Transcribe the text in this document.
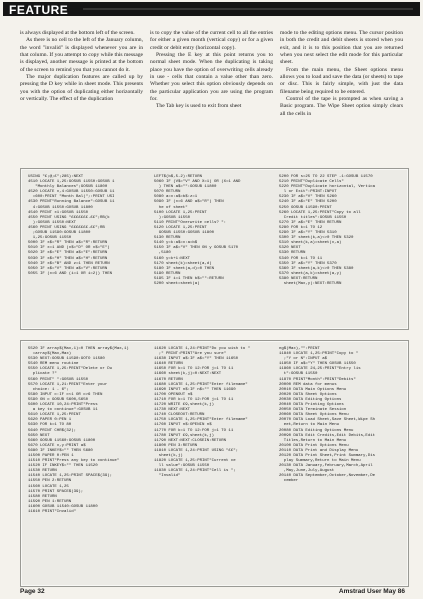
FEATURE

is always displayed at the bottom left of the screen.

As there is no cell to the left of the January column, the word "invalid" is displayed whenever you are in that column. If you attempt to copy while this message is displayed, another message is printed at the bottom of the screen to remind you that you cannot do it.

The major duplication features are called up by pressing the D key while in sheet mode. This presents you with the option of duplicating either horizontally or vertically. The effect of the duplication

is to copy the value of the current cell to all the entries for either a given month (vertical copy) or for a given credit or debit entry (horizontal copy).

Pressing the E key at this point returns you to normal sheet mode. When the duplicating is taking place you have the option of overwriting cells already in use - cells that contain a value other than zero. Whether you select this option obviously depends on the particular application you are using the program for.

The Tab key is used to exit from sheet

mode to the editing options menu. The cursor position in both the credit and debit sheets is stored when you exit, and it is to this position that you are returned when you next select the edit mode for this particular sheet.

From the main menu, the Sheet options menu allows you to load and save the data (or sheets) to tape or disc. This is fairly simple, with just the data filename being required to be entered.

Control of the tape is prompted as when saving a Basic program. The Wipe Sheet option simply clears all the cells in

USING "£;@;£";285):NEXT
4510 LOCATE 1,25:GOSUB 11550:GOSUB 1
"Monthly Balances";GOSUB 11800
4520 LOCATE x,4:GOSUB 11550:GOSUB 11
=600:PRINT "Month Bal(";:PRINT USI
4530 PRINT"Running Balance":GOSUB 11
4:GOSUB 11550:GOSUB 11800
4540 PRINT x1:GOSUB 11550
4550 PRINT USING "£££££££.££";RB(k
):GOSUB 11550:NEXT
4560 PRINT USING "£££££££.££";RB
;GOSUB 11590:GOSUB 11800
1,25:GOSUB 11550
5000 IF x$="R" THEN a$="R":RETURN
5010 IF x=1 AND (x$="D" OR x$="E")
5020 IF x$="E" THEN a$="E":RETURN
5030 IF x$="H" THEN a$="H":RETURN
5040 IF x$="B" AND z=1 THEN RETURN
5050 IF x$="V" THEN a$="V":RETURN
5055 IF (x=6 AND (i=1 OR i=2)) THEN
LEFT$(b$,5-2):RETURN
5060 IF (V$="V" AND X=1) OR (X=1 AND
) THEN a$="":GOSUB 11800
5070 RETURN
5080 a=x:a$=b$:z=1
5090 IF (x=6 AND a$="R") THEN
he of sheet"
5100 LOCATE 1,25:PRINT
):GOSUB 11550
5110 PRINT"Overwrite cells? ":
5120 LOCATE 1,25:PRINT
GOSUB 11550:GOSUB 11800
5130 RETURN
5140 y=k:a$=x:a=b$
5150 IF a$="V" THEN ON y GOSUB 5170
,5180
5160 y=k+1:NEXT
5170 sheet(k)=sheet(a,d)
5180 IF sheet(a,d)=0 THEN
5190 RETURN
5195 IF i=1 THEN b$="":RETURN
5200 sheet=sheet(a)
5200 FOR s=25 TO 22 STEP -1:GOSUB 11570
5210 PRINT"Duplicate Cells"
5220 PRINT"Duplicate horizontal, Vertica
l or Exit":PRINT:INPUT
5230 IF a$="V" THEN 5260
5240 IF a$="E" THEN 5200
5250 GOSUB 11590:PRINT
5260 LOCATE 1,25:PRINT"Copy to all
Credit titles":GOSUB 11550
5270 IF a$="E" THEN RETURN
5280 FOR k=1 TO 12
5290 IF a$="Y" THEN 5310
5300 IF sheet(k,a)<>0 THEN 5320
5310 sheet(k,a)=sheet(x,a)
5320 NEXT
5330 RETURN
5340 FOR k=1 TO 11
5350 IF a$="Y" THEN 5370
5360 IF sheet(a,k)<>0 THEN 5380
5370 sheet(a,k)=sheet(a,y)
5380 NEXT:RETURN
sheet(Max,y):NEXT:RETURN
5520 IF array$(Max,1)=0 THEN array$(Max,1)
=array$(Max,Max)
5530 NEXT:GOSUB 11590:GOTO 11580
5540 REM menu routine
5550 LOCATE 1,25:PRINT"Delete or Du
plicate ?"
5560 PRINT" ":GOSUB 11550
5570 LOCATE 1,21:PRINT"Enter your
choice: 1 - 6";
5580 INPUT c:IF c<1 OR c>6 THEN
5590 ON c GOSUB 5600,5650
5600 LOCATE 10,24:PRINT"Press
a key to continue":GOSUB 11
5610 LOCATE 1,25:PRINT
5620 PAPER 0:PEN 1
5630 FOR k=1 TO 80
5640 PRINT CHR$(32);
5650 NEXT
5660 GOSUB 11560:GOSUB 11800
5670 LOCATE x,y:PRINT a$
5680 IF INKEY$="" THEN 5680
11500 PAPER 0:PEN 1
11510 PRINT"Press any key to continue"
11520 IF INKEY$="" THEN 11520
11530 RETURN
11540 LOCATE 1,25:PRINT SPACE$(39);
11550 PEN 2:RETURN
11560 LOCATE 1,25
11570 PRINT SPACE$(39);
11580 RETURN
11590 PEN 1:RETURN
11600 GOSUB 11540:GOSUB 11800
11610 PRINT"Invalid"
11620 LOCATE 1,24:PRINT"Do you wish to "
;" PRINT:PRINT"Are you sure"
11630 INPUT a$:IF a$="Y" THEN 11650
11640 RETURN
11650 FOR k=1 TO 12:FOR j=1 TO 11
11660 sheet(k,j)=0:NEXT:NEXT
11670 RETURN
11680 LOCATE 1,25:PRINT"Enter filename"
11690 INPUT n$:IF n$="" THEN 11690
11700 OPENOUT n$
11710 FOR k=1 TO 12:FOR j=1 TO 11
11720 WRITE £9,sheet(k,j)
11730 NEXT:NEXT
11740 CLOSEOUT:RETURN
11750 LOCATE 1,25:PRINT"Enter filename"
11760 INPUT n$:OPENIN n$
11770 FOR k=1 TO 12:FOR j=1 TO 11
11780 INPUT £9,sheet(k,j)
11790 NEXT:NEXT:CLOSEIN:RETURN
11800 PEN 3:RETURN
11810 LOCATE 1,24:PRINT USING "££";
sheet(k,j)
11820 LOCATE 1,25:PRINT"Current ce
ll value":GOSUB 11550
11830 LOCATE 1,24:PRINT"Cell is ";
"Invalid"
ng$(Max),"":PRINT
11840 LOCATE 1,25:PRINT"Copy to "
;"Y or N":INPUT a$
11850 IF a$="Y" THEN GOSUB 11550
11860 LOCATE 24,25:PRINT"Entry lis
t":GOSUB 11550
11870 PRINT"Month":PRINT"Debits"
20000 REM data for menus
20010 DATA Main Options Menu
20020 DATA Sheet Options
20030 DATA Editing Options
20040 DATA Printing Options
20050 DATA Terminate Session
20060 DATA Sheet Options Menu
20070 DATA Load Sheet,Save Sheet,Wipe Sh
eet,Return to Main Menu
20080 DATA Editing Options Menu
20090 DATA Edit Credits,Edit Debits,Edit
Titles,Return to Main Menu
20100 DATA Print Options Menu
20110 DATA Print and Display Menu
20120 DATA Print Sheet,Print Summary,Dis
play Summary,Return to Main Menu
20130 DATA January,February,March,April
,May,June,July,August
20140 DATA September,October,November,De
cember
Page 32	Amstrad User May 86
